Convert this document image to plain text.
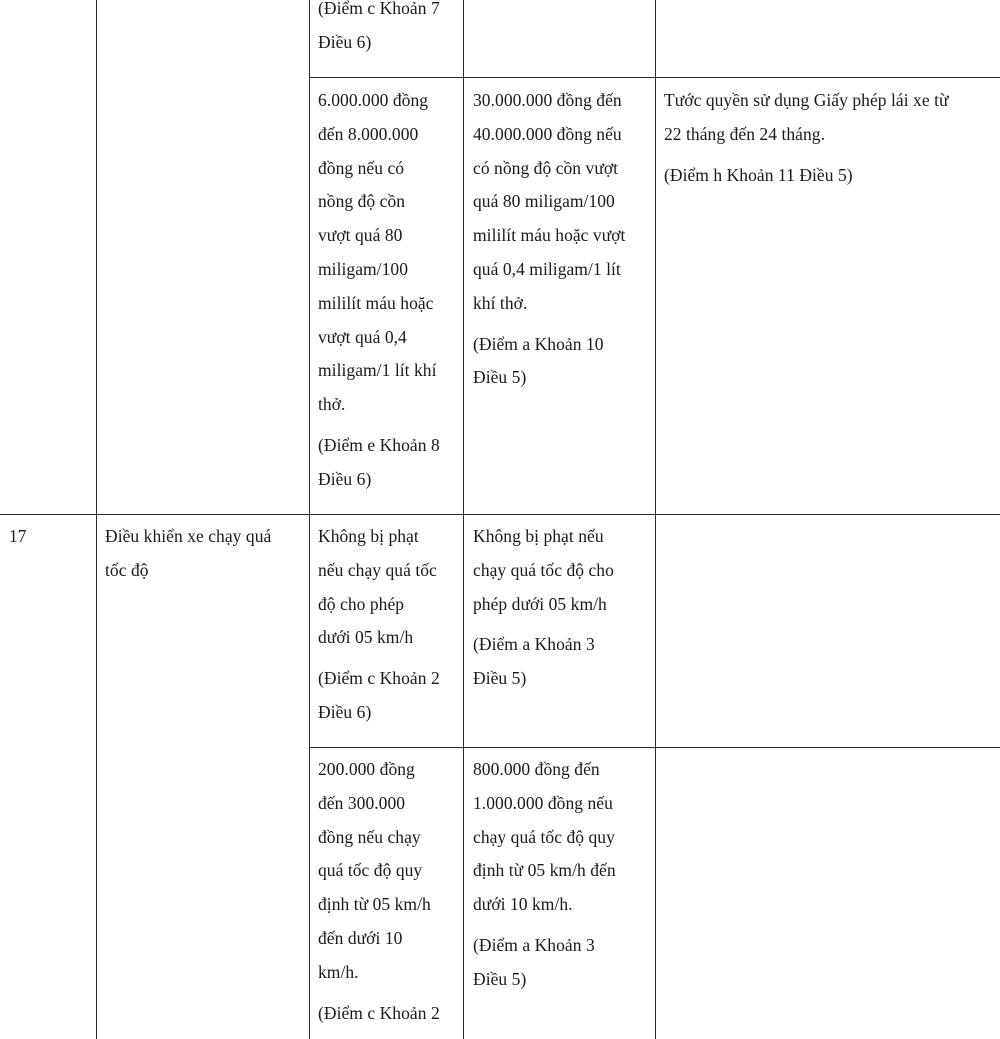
(Điểm c Khoản 7
Điều 6)

6.000.000 đồng
đến 8.000.000
đồng nếu có
nồng độ cồn
vượt quá 80
miligam/100
mililít máu hoặc
vượt quá 0,4
miligam/1 lít khí
thở.

(Điểm e Khoản 8
Điều 6)

30.000.000 đồng đến
40.000.000 đồng nếu
có nồng độ cồn vượt
quá 80 miligam/100
mililít máu hoặc vượt
quá 0,4 miligam/1 lít
khí thở.

(Điểm a Khoản 10
Điều 5)

Tước quyền sử dụng Giấy phép lái xe từ
22 tháng đến 24 tháng.

(Điểm h Khoản 11 Điều 5)

17	Điều khiển xe chạy quá
tốc độ

Không bị phạt
nếu chạy quá tốc
độ cho phép
dưới 05 km/h

(Điểm c Khoản 2
Điều 6)

Không bị phạt nếu
chạy quá tốc độ cho
phép dưới 05 km/h

(Điểm a Khoản 3
Điều 5)

200.000 đồng
đến 300.000
đồng nếu chạy
quá tốc độ quy
định từ 05 km/h
đến dưới 10
km/h.

(Điểm c Khoản 2

800.000 đồng đến
1.000.000 đồng nếu
chạy quá tốc độ quy
định từ 05 km/h đến
dưới 10 km/h.

(Điểm a Khoản 3
Điều 5)
